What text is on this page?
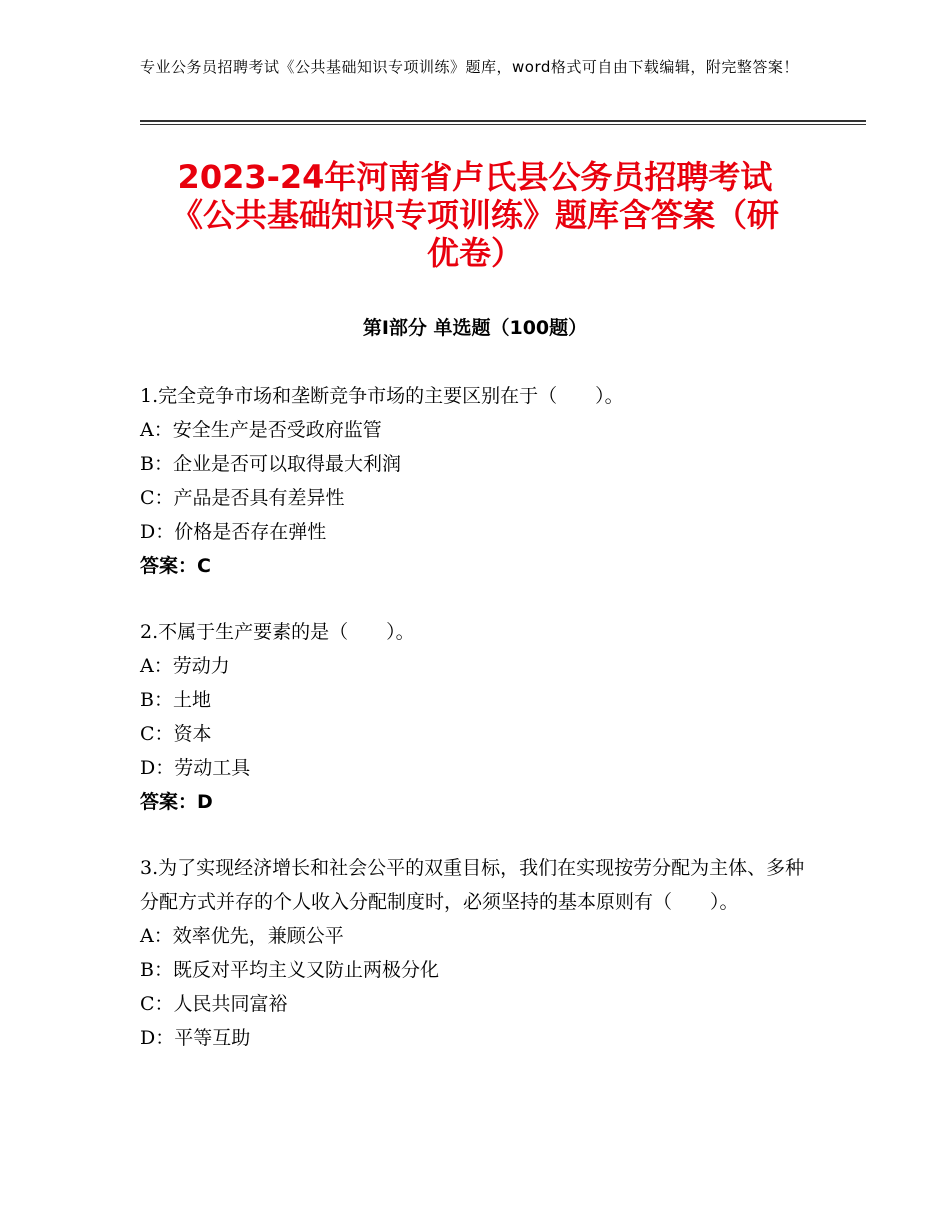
专业公务员招聘考试《公共基础知识专项训练》题库，word格式可自由下载编辑，附完整答案！
2023-24年河南省卢氏县公务员招聘考试
《公共基础知识专项训练》题库含答案（研
优卷）
第Ⅰ部分 单选题（100题）

1.完全竞争市场和垄断竞争市场的主要区别在于（　　）。

A：安全生产是否受政府监管

B：企业是否可以取得最大利润

C：产品是否具有差异性

D：价格是否存在弹性

答案：C

2.不属于生产要素的是（　　）。

A：劳动力

B：土地

C：资本

D：劳动工具

答案：D

3.为了实现经济增长和社会公平的双重目标，我们在实现按劳分配为主体、多种分配方式并存的个人收入分配制度时，必须坚持的基本原则有（　　）。

A：效率优先，兼顾公平

B：既反对平均主义又防止两极分化

C：人民共同富裕

D：平等互助
